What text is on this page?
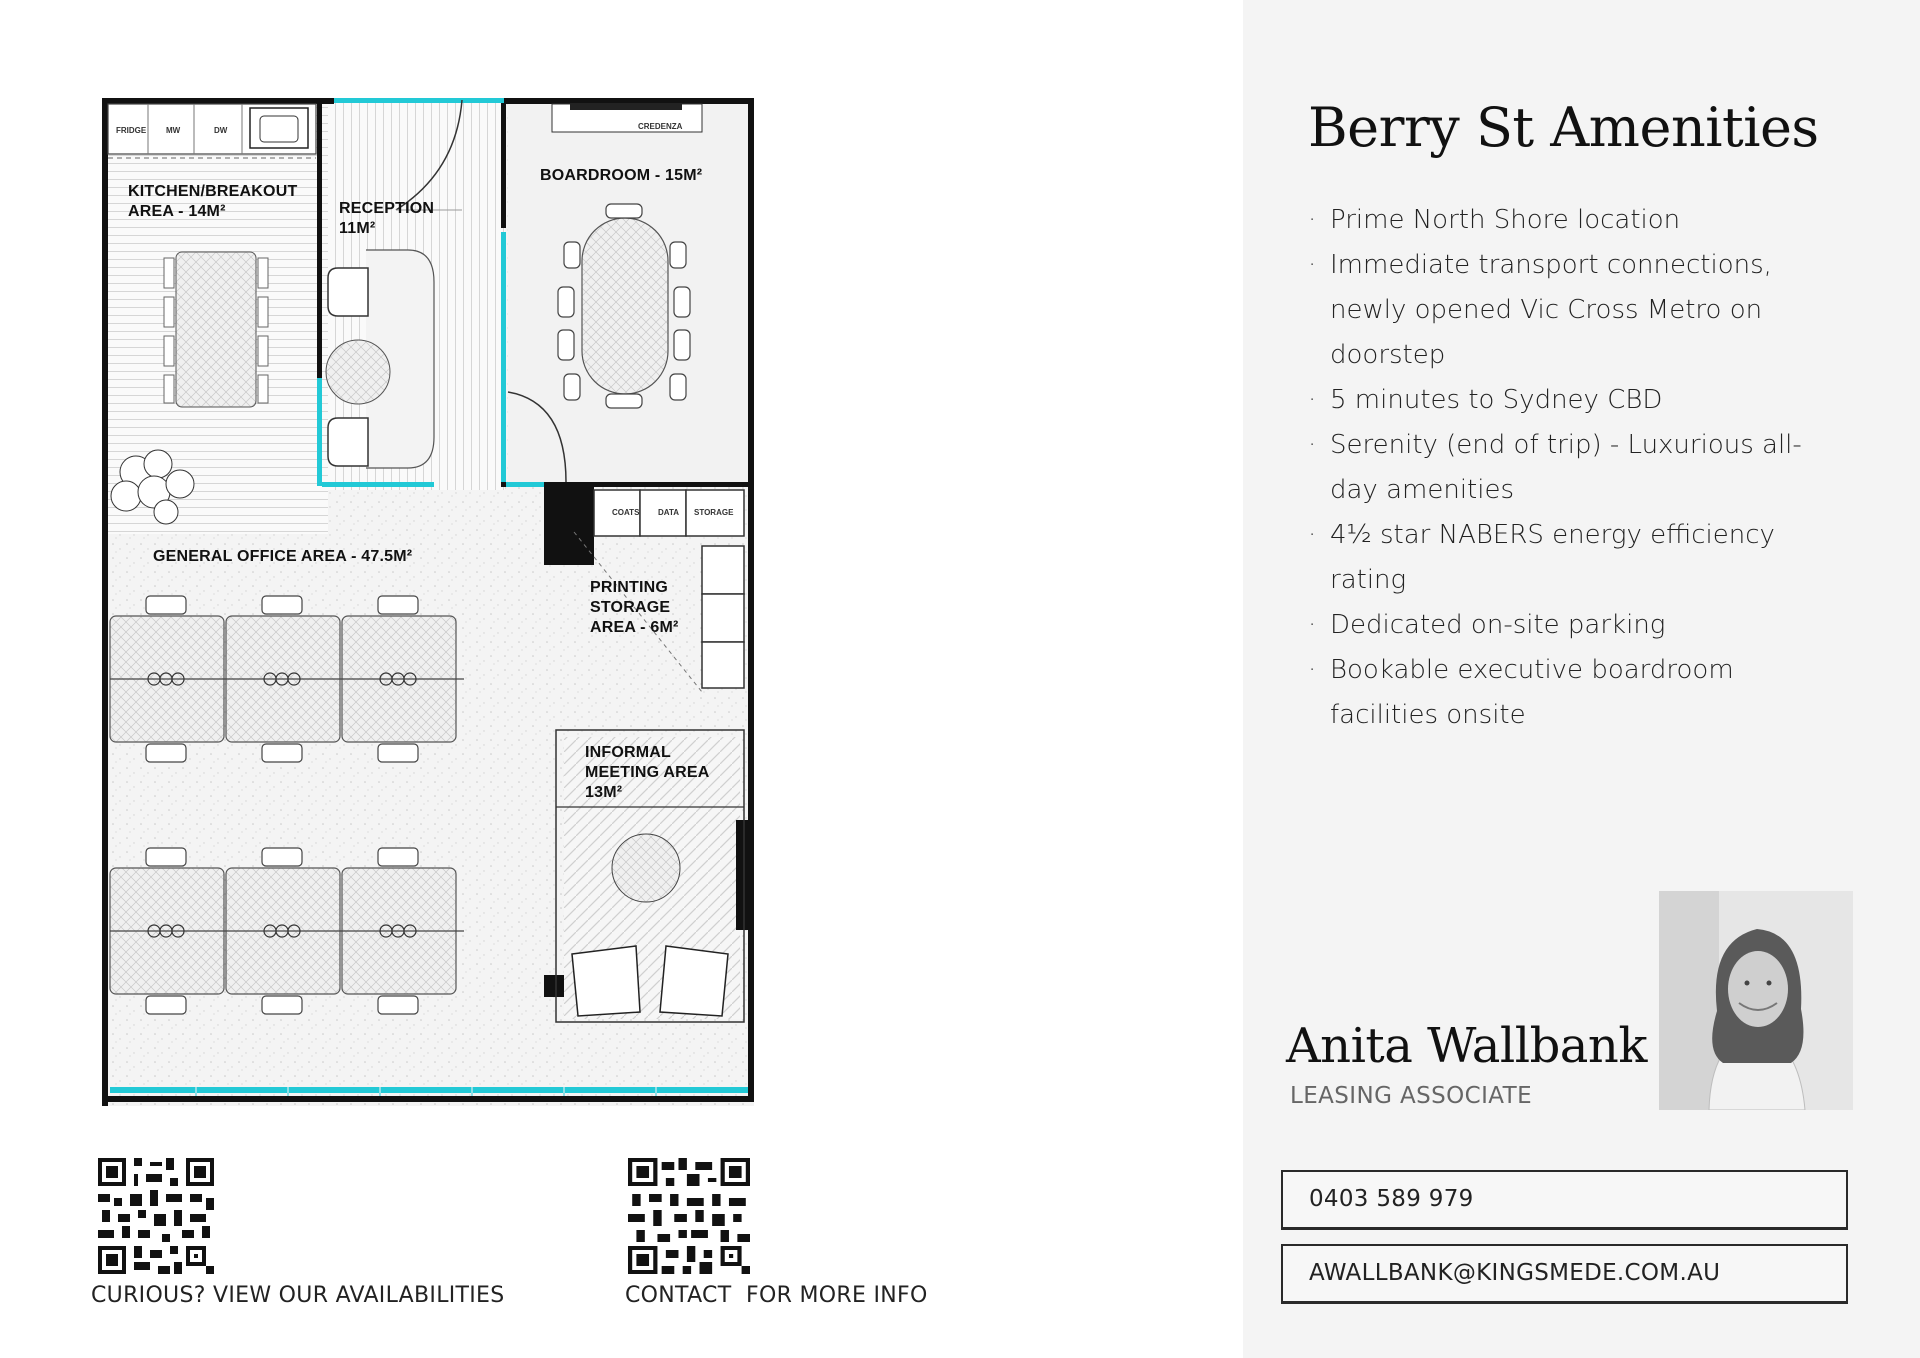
KITCHEN/BREAKOUT
AREA - 14M²	RECEPTION
11M²
BOARDROOM - 15M²
GENERAL OFFICE AREA - 47.5M²
PRINTING
STORAGE
AREA - 6M²
INFORMAL
MEETING AREA
13M²
FRIDGE MW	DW	CREDENZA
COATS DATA STORAGE
CURIOUS? VIEW OUR AVAILABILITIES	CONTACT  FOR MORE INFO
Berry St Amenities
· Prime North Shore location
· Immediate transport connections, newly opened Vic Cross Metro on doorstep
· 5 minutes to Sydney CBD
· Serenity (end of trip) - Luxurious all-day amenities
· 4½ star NABERS energy efficiency rating
· Dedicated on-site parking
· Bookable executive boardroom facilities onsite
Anita Wallbank
LEASING ASSOCIATE
0403 589 979
AWALLBANK@KINGSMEDE.COM.AU
